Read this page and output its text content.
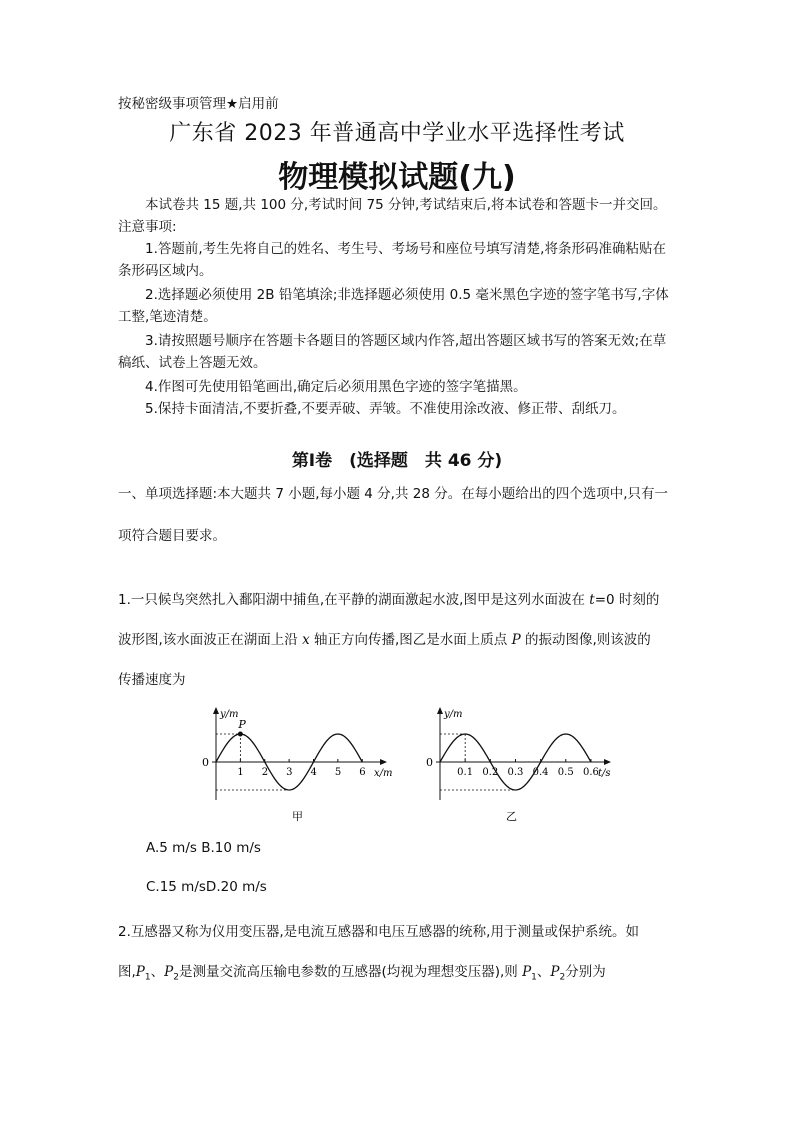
按秘密级事项管理★启用前
广东省 2023 年普通高中学业水平选择性考试
物理模拟试题(九)
本试卷共 15 题,共 100 分,考试时间 75 分钟,考试结束后,将本试卷和答题卡一并交回。
注意事项:
1.答题前,考生先将自己的姓名、考生号、考场号和座位号填写清楚,将条形码准确粘贴在条形码区域内。
2.选择题必须使用 2B 铅笔填涂;非选择题必须使用 0.5 毫米黑色字迹的签字笔书写,字体工整,笔迹清楚。
3.请按照题号顺序在答题卡各题目的答题区域内作答,超出答题区域书写的答案无效;在草稿纸、试卷上答题无效。
4.作图可先使用铅笔画出,确定后必须用黑色字迹的签字笔描黑。
5.保持卡面清洁,不要折叠,不要弄破、弄皱。不准使用涂改液、修正带、刮纸刀。
第Ⅰ卷　(选择题　共 46 分)
一、单项选择题:本大题共 7 小题,每小题 4 分,共 28 分。在每小题给出的四个选项中,只有一
项符合题目要求。
1.一只候鸟突然扎入鄱阳湖中捕鱼,在平静的湖面激起水波,图甲是这列水面波在 t=0 时刻的
波形图,该水面波正在湖面上沿 x 轴正方向传播,图乙是水面上质点 P 的振动图像,则该波的
传播速度为
y/m
x/m
0
1 2 3 4 5 6
P
甲
y/m
t/s
0
0.1 0.2 0.3 0.4 0.5 0.6
乙
A.5 m/s B.10 m/s
C.15 m/sD.20 m/s
2.互感器又称为仪用变压器,是电流互感器和电压互感器的统称,用于测量或保护系统。如
图$,P_1$、$P_2$是测量交流高压输电参数的互感器(均视为理想变压器),则 $P_1$、$P_2$分别为
